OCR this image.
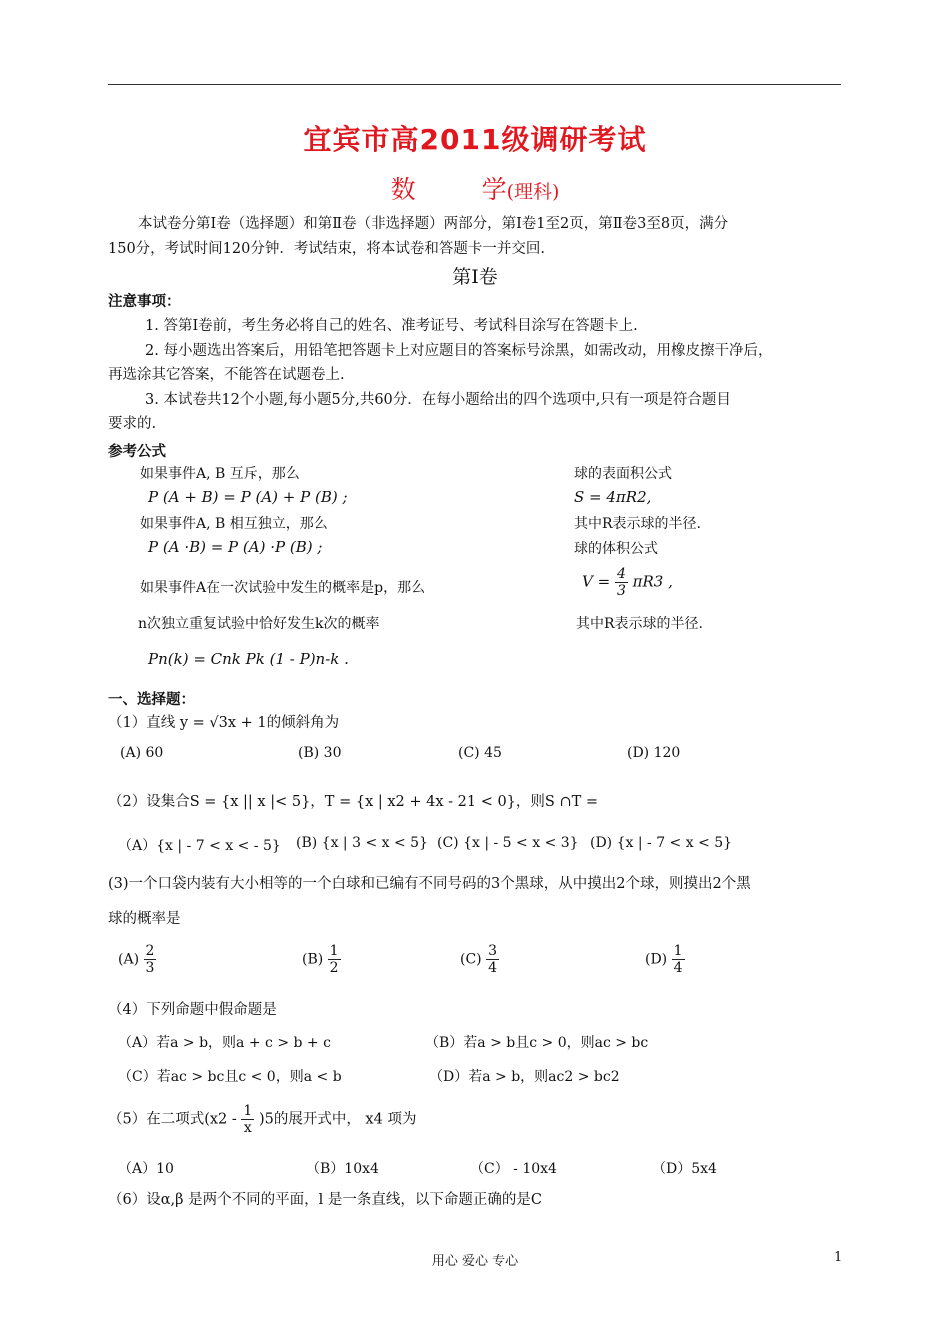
宜宾市高2011级调研考试
数	学(理科)
本试卷分第Ⅰ卷（选择题）和第Ⅱ卷（非选择题）两部分，第Ⅰ卷1至2页，第Ⅱ卷3至8页，满分
150分，考试时间120分钟．考试结束，将本试卷和答题卡一并交回.
第Ⅰ卷
注意事项：
1. 答第Ⅰ卷前，考生务必将自己的姓名、准考证号、考试科目涂写在答题卡上.
2. 每小题选出答案后，用铅笔把答题卡上对应题目的答案标号涂黑，如需改动，用橡皮擦干净后，
再选涂其它答案，不能答在试题卷上.
3. 本试卷共12个小题,每小题5分,共60分．在每小题给出的四个选项中,只有一项是符合题目
要求的.
参考公式
如果事件A, B 互斥，那么
P (A + B) = P (A) + P (B) ;
如果事件A, B 相互独立，那么
P (A ·B) = P (A) ·P (B) ;
如果事件A在一次试验中发生的概率是p，那么
n次独立重复试验中恰好发生k次的概率
Pn(k) = Cnk Pk (1 - P)n-k .
球的表面积公式
S = 4πR2,
其中R表示球的半径.
球的体积公式
$V = \frac{4}{3} \pi R3$ ,
其中R表示球的半径.
一、选择题：
（1）直线 y = √3x + 1的倾斜角为
(A) 60	(B) 30	(C) 45	(D) 120
（2）设集合S = {x || x |< 5}，T = {x | x2 + 4x - 21 < 0}，则S ∩T =
（A）{x | - 7 < x < - 5} (B) {x | 3 < x < 5} (C) {x | - 5 < x < 3} (D) {x | - 7 < x < 5}
(3)一个口袋内装有大小相等的一个白球和已编有不同号码的3个黑球，从中摸出2个球，则摸出2个黑
球的概率是
$(A) \frac{2}{3}$	$(B) \frac{1}{2}$	$(C) \frac{3}{4}$	$(D) \frac{1}{4}$
（4）下列命题中假命题是
（A）若a > b，则a + c > b + c	（B）若a > b且c > 0，则ac > bc
（C）若ac > bc且c < 0，则a < b	（D）若a > b，则ac2 > bc2
（5）在二项式$(x2 - \frac{1}{x} )5$的展开式中， x4 项为
（A）10	（B）10x4	（C） - 10x4	（D）5x4
（6）设α,β 是两个不同的平面，l 是一条直线，以下命题正确的是C
用心 爱心 专心	1
